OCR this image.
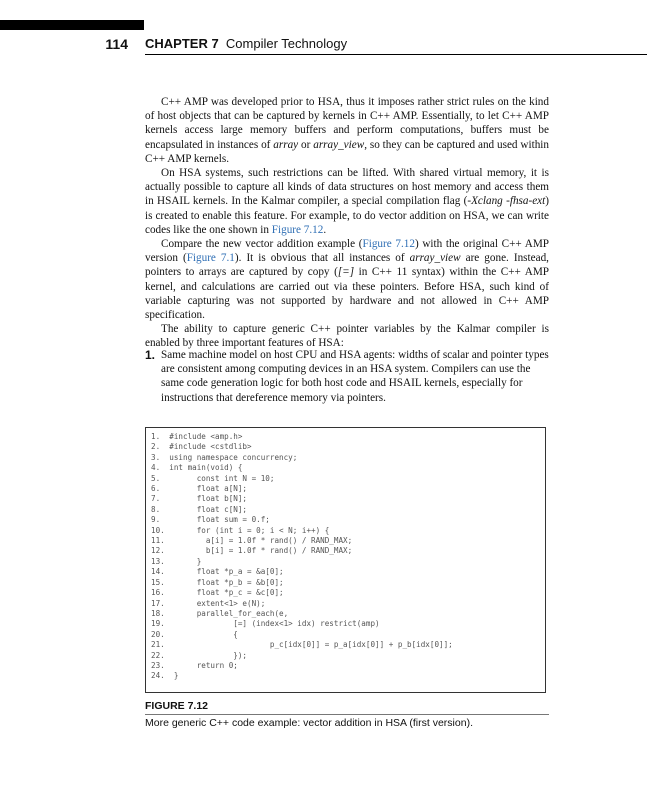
114 CHAPTER 7 Compiler Technology

C++ AMP was developed prior to HSA, thus it imposes rather strict rules on the kind of host objects that can be captured by kernels in C++ AMP. Essentially, to let C++ AMP kernels access large memory buffers and perform computations, buffers must be encapsulated in instances of array or array_view, so they can be captured and used within C++ AMP kernels.

On HSA systems, such restrictions can be lifted. With shared virtual memory, it is actually possible to capture all kinds of data structures on host memory and access them in HSAIL kernels. In the Kalmar compiler, a special compilation flag (-Xclang -fhsa-ext) is created to enable this feature. For example, to do vector addition on HSA, we can write codes like the one shown in Figure 7.12.

Compare the new vector addition example (Figure 7.12) with the original C++ AMP version (Figure 7.1). It is obvious that all instances of array_view are gone. Instead, pointers to arrays are captured by copy ([=] in C++ 11 syntax) within the C++ AMP kernel, and calculations are carried out via these pointers. Before HSA, such kind of variable capturing was not supported by hardware and not allowed in C++ AMP specification.

The ability to capture generic C++ pointer variables by the Kalmar compiler is enabled by three important features of HSA:

1. Same machine model on host CPU and HSA agents: widths of scalar and pointer types are consistent among computing devices in an HSA system. Compilers can use the same code generation logic for both host code and HSAIL kernels, especially for instructions that dereference memory via pointers.
1.  #include <amp.h>
2.  #include <cstdlib>
3.  using namespace concurrency;
4.  int main(void) {
5.        const int N = 10;
6.        float a[N];
7.        float b[N];
8.        float c[N];
9.        float sum = 0.f;
10.       for (int i = 0; i < N; i++) {
11.         a[i] = 1.0f * rand() / RAND_MAX;
12.         b[i] = 1.0f * rand() / RAND_MAX;
13.       }
14.       float *p_a = &a[0];
15.       float *p_b = &b[0];
16.       float *p_c = &c[0];
17.       extent<1> e(N);
18.       parallel_for_each(e,
19.               [=] (index<1> idx) restrict(amp)
20.               {
21.                       p_c[idx[0]] = p_a[idx[0]] + p_b[idx[0]];
22.               });
23.       return 0;
24.  }

FIGURE 7.12
More generic C++ code example: vector addition in HSA (first version).
